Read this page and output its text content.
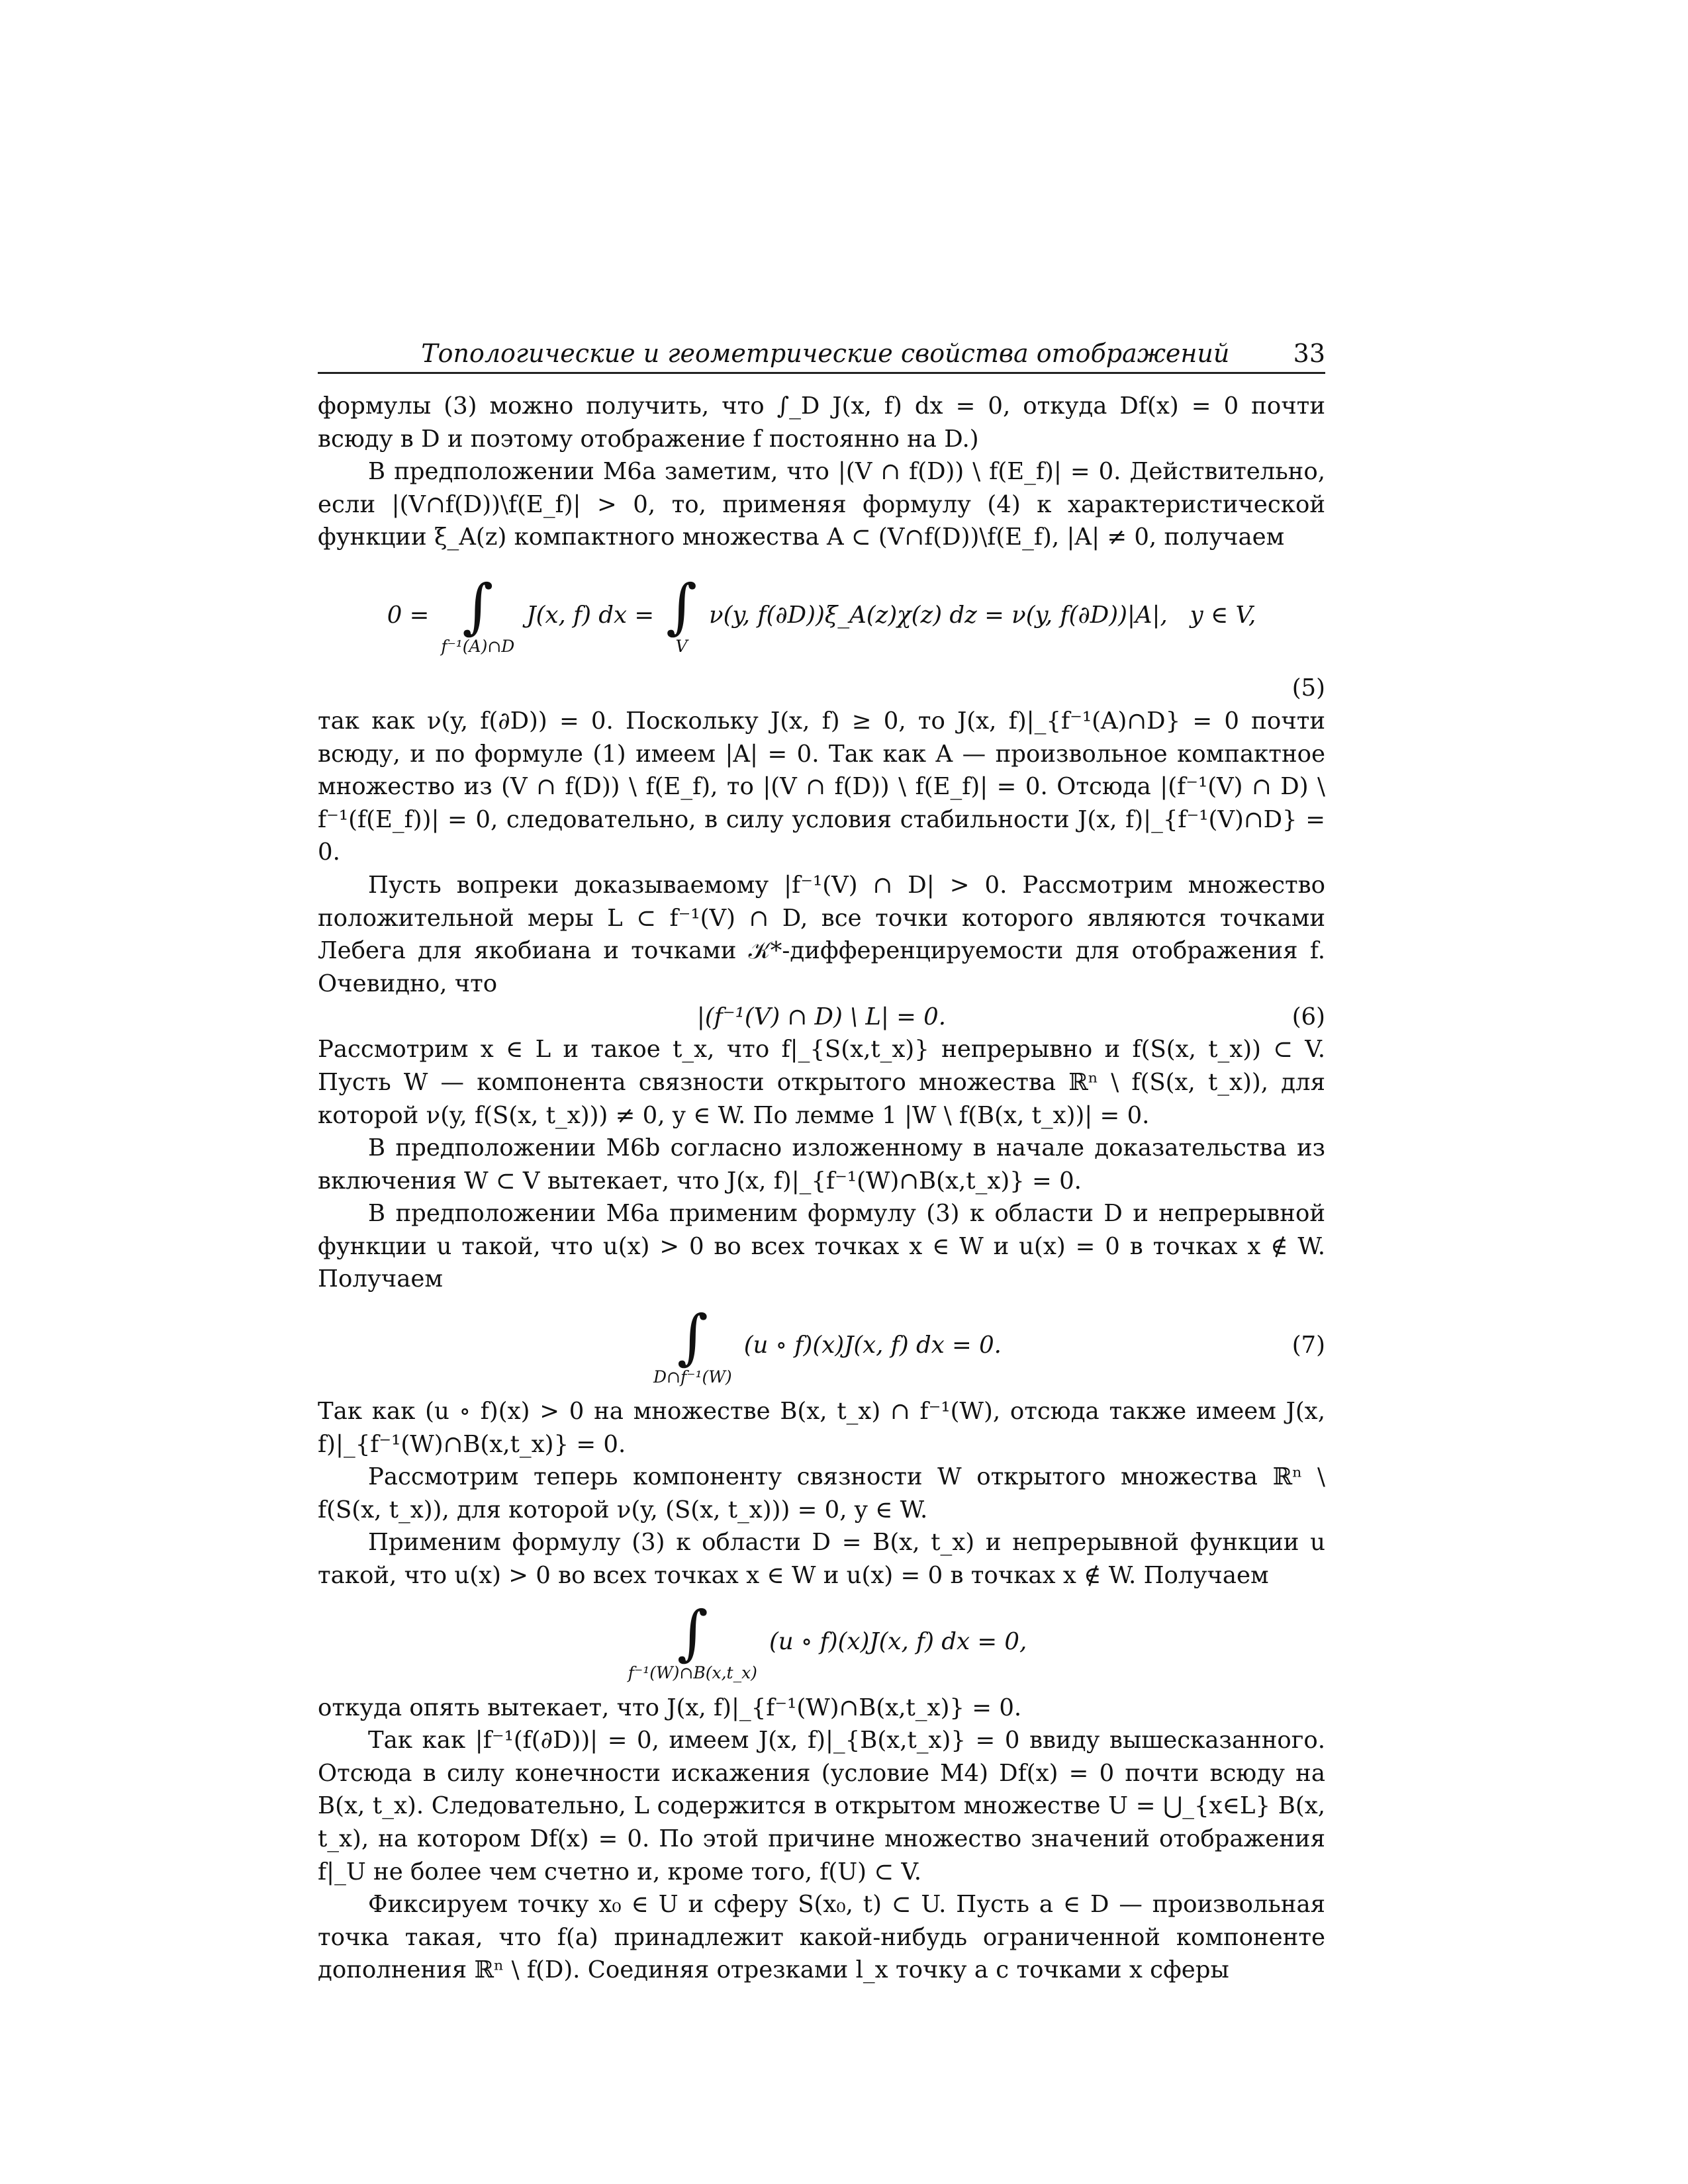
Топологические и геометрические свойства отображений	33

формулы (3) можно получить, что ∫_D J(x, f) dx = 0, откуда Df(x) = 0 почти всюду в D и поэтому отображение f постоянно на D.)

В предположении M6a заметим, что |(V ∩ f(D)) \ f(E_f)| = 0. Действительно, если |(V∩f(D))\f(E_f)| > 0, то, применяя формулу (4) к характеристической функции ξ_A(z) компактного множества A ⊂ (V∩f(D))\f(E_f), |A| ≠ 0, получаем

0 = ∫
f⁻¹(A)∩D
J(x, f) dx = ∫
V
ν(y, f(∂D))ξ_A(z)χ(z) dz = ν(y, f(∂D))|A|,   y ∈ V,
(5)

так как ν(y, f(∂D)) = 0. Поскольку J(x, f) ≥ 0, то J(x, f)|_{f⁻¹(A)∩D} = 0 почти всюду, и по формуле (1) имеем |A| = 0. Так как A — произвольное компактное множество из (V ∩ f(D)) \ f(E_f), то |(V ∩ f(D)) \ f(E_f)| = 0. Отсюда |(f⁻¹(V) ∩ D) \ f⁻¹(f(E_f))| = 0, следовательно, в силу условия стабильности J(x, f)|_{f⁻¹(V)∩D} = 0.

Пусть вопреки доказываемому |f⁻¹(V) ∩ D| > 0. Рассмотрим множество положительной меры L ⊂ f⁻¹(V) ∩ D, все точки которого являются точками Лебега для якобиана и точками 𝒦*-дифференцируемости для отображения f. Очевидно, что

|(f⁻¹(V) ∩ D) \ L| = 0.	(6)

Рассмотрим x ∈ L и такое t_x, что f|_{S(x,t_x)} непрерывно и f(S(x, t_x)) ⊂ V. Пусть W — компонента связности открытого множества ℝⁿ \ f(S(x, t_x)), для которой ν(y, f(S(x, t_x))) ≠ 0, y ∈ W. По лемме 1 |W \ f(B(x, t_x))| = 0.

В предположении M6b согласно изложенному в начале доказательства из включения W ⊂ V вытекает, что J(x, f)|_{f⁻¹(W)∩B(x,t_x)} = 0.

В предположении M6a применим формулу (3) к области D и непрерывной функции u такой, что u(x) > 0 во всех точках x ∈ W и u(x) = 0 в точках x ∉ W. Получаем

∫
D∩f⁻¹(W)
(u ∘ f)(x)J(x, f) dx = 0.	(7)

Так как (u ∘ f)(x) > 0 на множестве B(x, t_x) ∩ f⁻¹(W), отсюда также имеем J(x, f)|_{f⁻¹(W)∩B(x,t_x)} = 0.

Рассмотрим теперь компоненту связности W открытого множества ℝⁿ \ f(S(x, t_x)), для которой ν(y, (S(x, t_x))) = 0, y ∈ W.

Применим формулу (3) к области D = B(x, t_x) и непрерывной функции u такой, что u(x) > 0 во всех точках x ∈ W и u(x) = 0 в точках x ∉ W. Получаем

∫
f⁻¹(W)∩B(x,t_x)
(u ∘ f)(x)J(x, f) dx = 0,

откуда опять вытекает, что J(x, f)|_{f⁻¹(W)∩B(x,t_x)} = 0.

Так как |f⁻¹(f(∂D))| = 0, имеем J(x, f)|_{B(x,t_x)} = 0 ввиду вышесказанного. Отсюда в силу конечности искажения (условие M4) Df(x) = 0 почти всюду на B(x, t_x). Следовательно, L содержится в открытом множестве U = ⋃_{x∈L} B(x, t_x), на котором Df(x) = 0. По этой причине множество значений отображения f|_U не более чем счетно и, кроме того, f(U) ⊂ V.

Фиксируем точку x₀ ∈ U и сферу S(x₀, t) ⊂ U. Пусть a ∈ D — произвольная точка такая, что f(a) принадлежит какой-нибудь ограниченной компоненте дополнения ℝⁿ \ f(D). Соединяя отрезками l_x точку a с точками x сферы
